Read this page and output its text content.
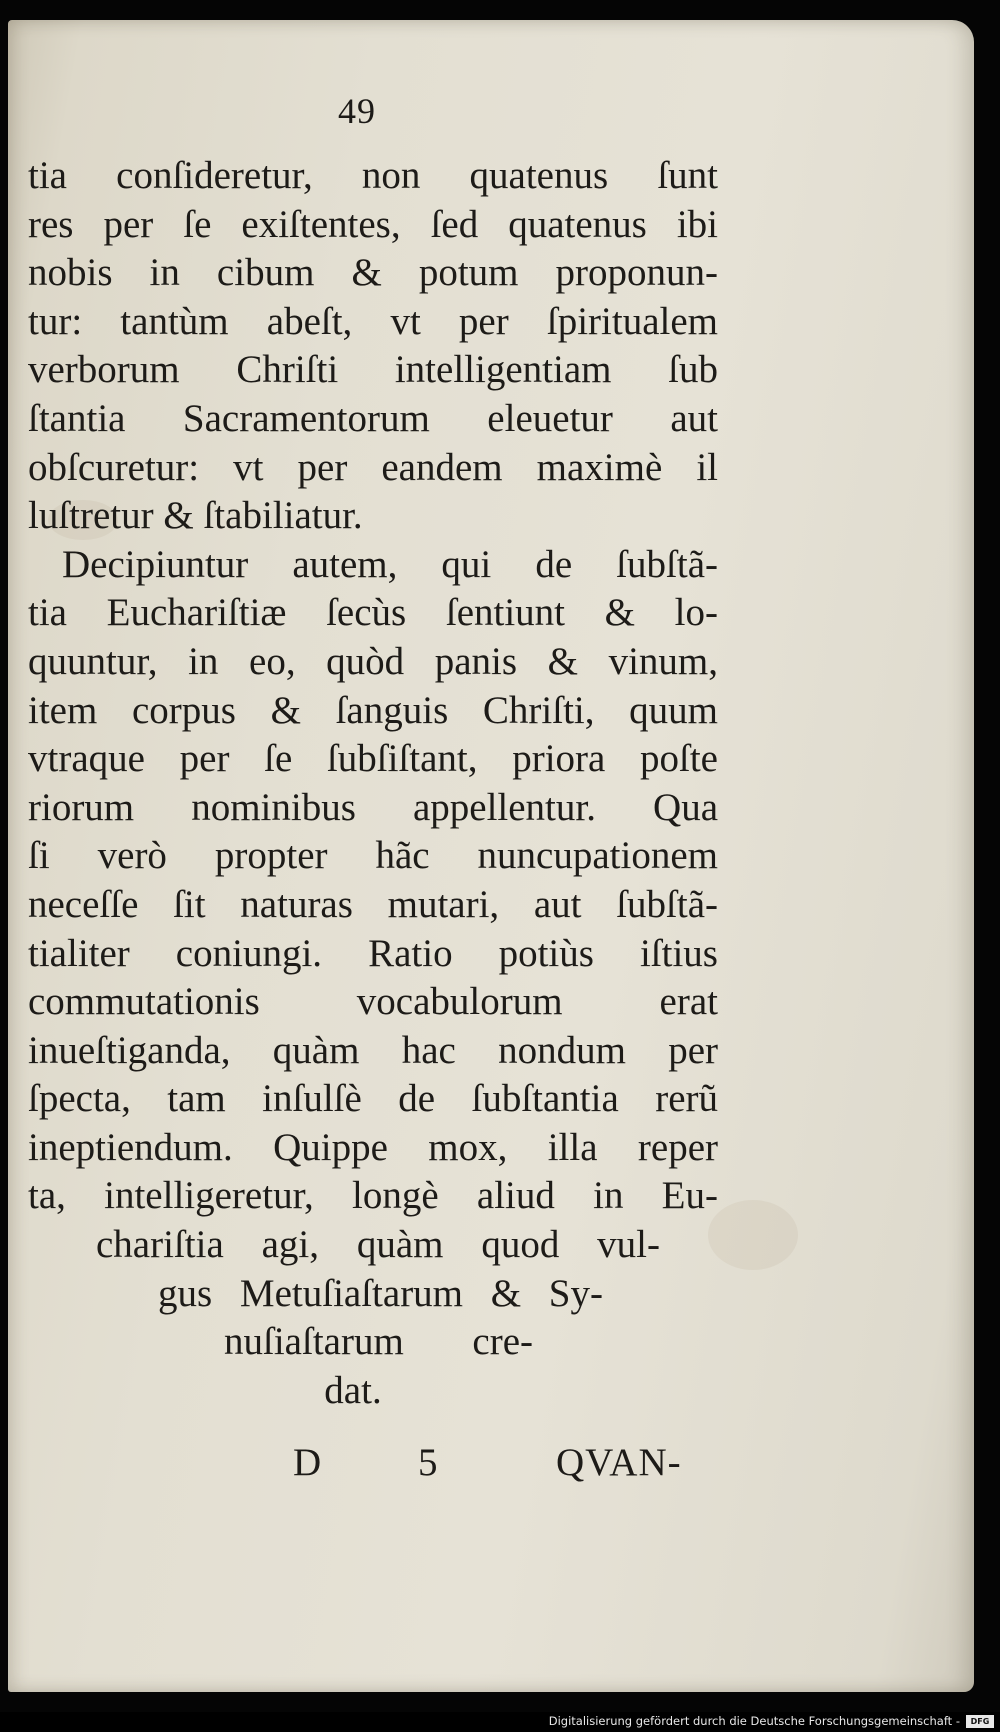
49
tia conſideretur, non quatenus ſunt
res per ſe exiſtentes, ſed quatenus ibi
nobis in cibum & potum proponun-
tur: tantùm abeſt, vt per ſpiritualem
verborum Chriſti intelligentiam ſub
ſtantia Sacramentorum eleuetur aut
obſcuretur: vt per eandem maximè il
luſtretur & ſtabiliatur.
Decipiuntur autem, qui de ſubſtã-
tia Euchariſtiæ ſecùs ſentiunt & lo-
quuntur, in eo, quòd panis & vinum,
item corpus & ſanguis Chriſti, quum
vtraque per ſe ſubſiſtant, priora poſte
riorum nominibus appellentur. Qua
ſi verò propter hãc nuncupationem
neceſſe ſit naturas mutari, aut ſubſtã-
tialiter coniungi. Ratio potiùs iſtius
commutationis vocabulorum erat
inueſtiganda, quàm hac nondum per
ſpecta, tam inſulſè de ſubſtantia rerũ
ineptiendum. Quippe mox, illa reper
ta, intelligeretur, longè aliud in Eu-
chariſtia agi, quàm quod vul-
gus Metuſiaſtarum & Sy-
nuſiaſtarum cre-
dat.
D 5	QVAN-
Digitalisierung gefördert durch die Deutsche Forschungsgemeinschaft -	DFG
